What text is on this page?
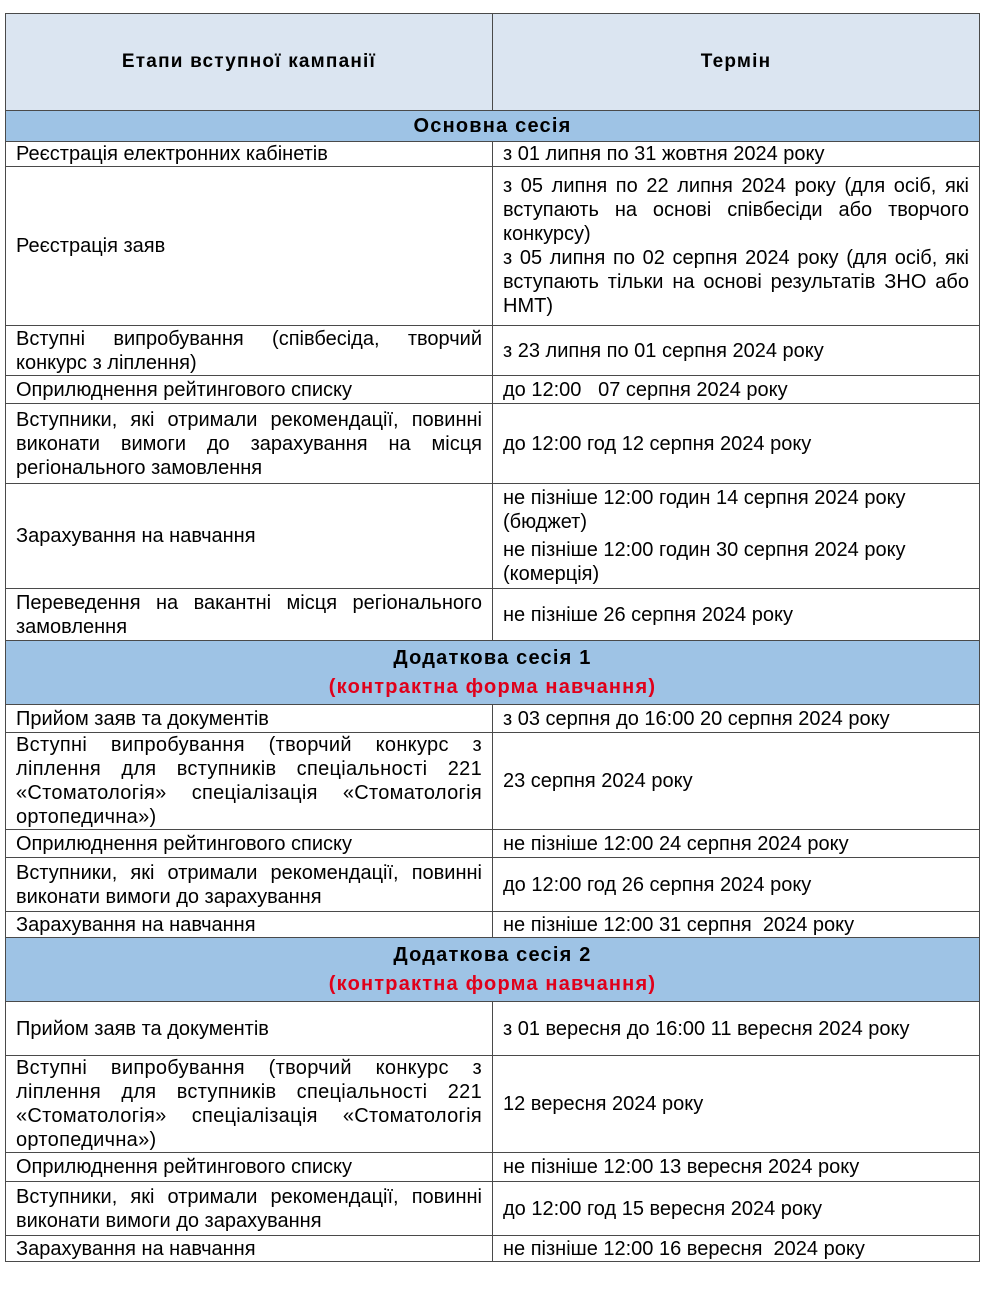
Етапи вступної кампанії	Термін

Основна сесія	

Реєстрація електронних кабінетів	з 01 липня по 31 жовтня 2024 року
Реєстрація заяв	з 05 липня по 22 липня 2024 року (для осіб, які вступають на основі співбесіди або творчого конкурсу)
з 05 липня по 02 серпня 2024 року (для осіб, які вступають тільки на основі результатів ЗНО або НМТ)

Вступні випробування (співбесіда, творчий конкурс з ліплення)	з 23 липня по 01 серпня 2024 року
Оприлюднення рейтингового списку	до 12:00   07 серпня 2024 року
Вступники, які отримали рекомендації, повинні виконати вимоги до зарахування на місця регіонального замовлення	до 12:00 год 12 серпня 2024 року
Зарахування на навчання	не пізніше 12:00 годин 14 серпня 2024 року (бюджет)
не пізніше 12:00 годин 30 серпня 2024 року (комерція)

Переведення на вакантні місця регіонального замовлення	не пізніше 26 серпня 2024 року

Додаткова сесія 1
(контрактна форма навчання)	

Прийом заяв та документів	з 03 серпня до 16:00 20 серпня 2024 року
Вступні випробування (творчий конкурс з ліплення для вступників спеціальності 221 «Стоматологія» спеціалізація «Стоматологія ортопедична»)	23 серпня 2024 року
Оприлюднення рейтингового списку	не пізніше 12:00 24 серпня 2024 року
Вступники, які отримали рекомендації, повинні виконати вимоги до зарахування	до 12:00 год 26 серпня 2024 року
Зарахування на навчання	не пізніше 12:00 31 серпня  2024 року

Додаткова сесія 2
(контрактна форма навчання)	

Прийом заяв та документів	з 01 вересня до 16:00 11 вересня 2024 року
Вступні випробування (творчий конкурс з ліплення для вступників спеціальності 221 «Стоматологія» спеціалізація «Стоматологія ортопедична»)	12 вересня 2024 року
Оприлюднення рейтингового списку	не пізніше 12:00 13 вересня 2024 року
Вступники, які отримали рекомендації, повинні виконати вимоги до зарахування	до 12:00 год 15 вересня 2024 року
Зарахування на навчання	не пізніше 12:00 16 вересня  2024 року
